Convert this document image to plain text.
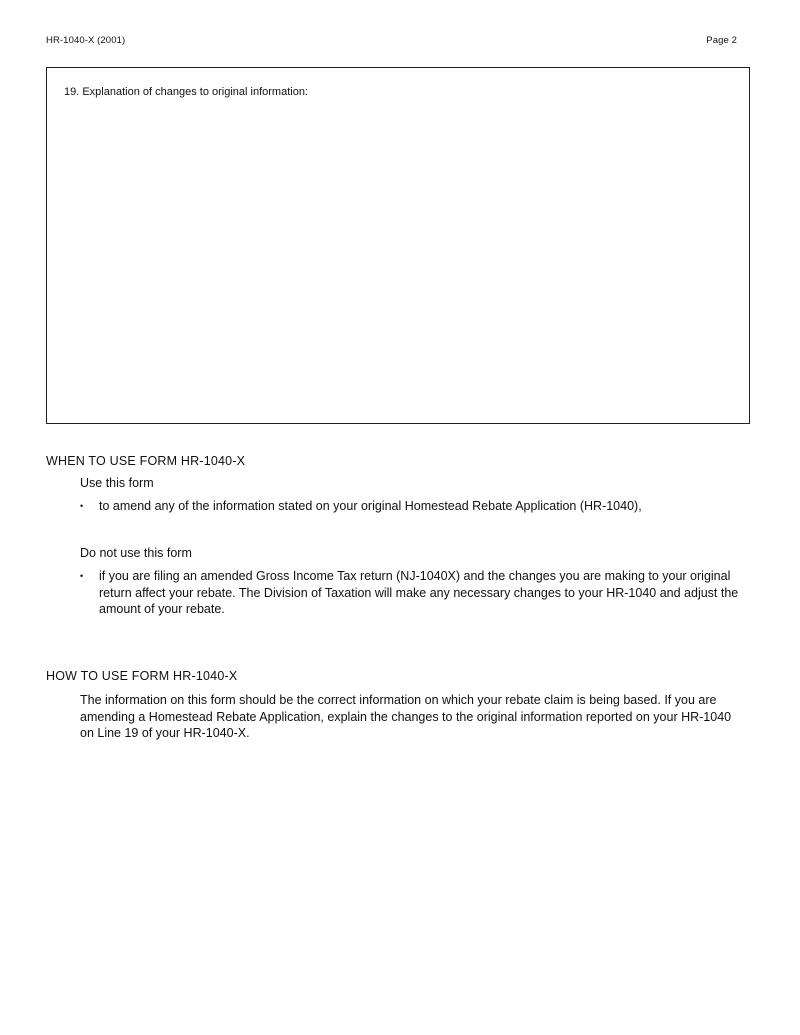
HR-1040-X (2001)	Page 2
19. Explanation of changes to original information:
WHEN TO USE FORM HR-1040-X
Use this form
• to amend any of the information stated on your original Homestead Rebate Application (HR-1040),
Do not use this form
• if you are filing an amended Gross Income Tax return (NJ-1040X) and the changes you are making to your original return affect your rebate. The Division of Taxation will make any necessary changes to your HR-1040 and adjust the amount of your rebate.
HOW TO USE FORM HR-1040-X
The information on this form should be the correct information on which your rebate claim is being based. If you are amending a Homestead Rebate Application, explain the changes to the original information reported on your HR-1040 on Line 19 of your HR-1040-X.
